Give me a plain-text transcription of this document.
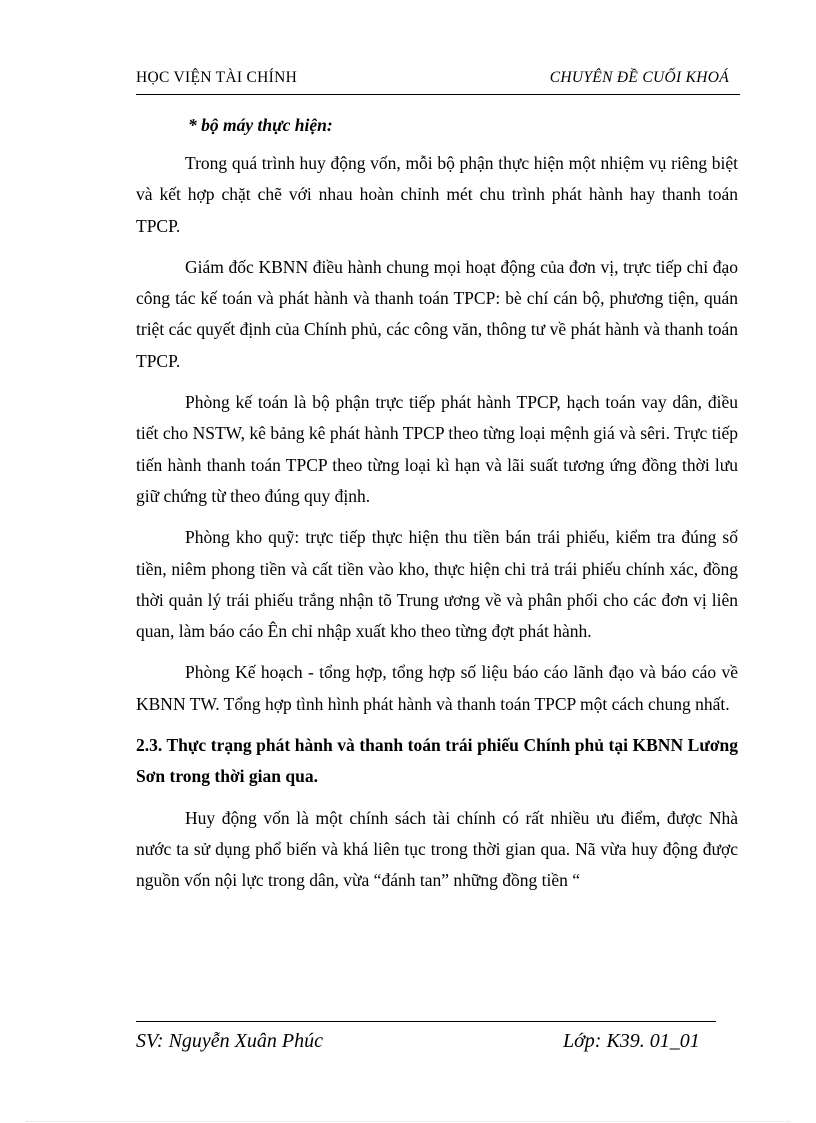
HỌC VIỆN TÀI CHÍNH	CHUYÊN ĐỀ CUỐI KHOÁ
* bộ máy thực hiện:

Trong quá trình huy động vốn, mỗi bộ phận thực hiện một nhiệm vụ riêng biệt và kết hợp chặt chẽ với nhau hoàn chỉnh mét chu trình phát hành hay thanh toán TPCP.

Giám đốc KBNN điều hành chung mọi hoạt động của đơn vị, trực tiếp chỉ đạo công tác kế toán và phát hành và thanh toán TPCP: bè chí cán bộ, phương tiện, quán triệt các quyết định của Chính phủ, các công văn, thông tư về phát hành và thanh toán TPCP.

Phòng kế toán là bộ phận trực tiếp phát hành TPCP, hạch toán vay dân, điều tiết cho NSTW, kê bảng kê phát hành TPCP theo từng loại mệnh giá và sêri. Trực tiếp tiến hành thanh toán TPCP theo từng loại kì hạn và lãi suất tương ứng đồng thời lưu giữ chứng từ theo đúng quy định.

Phòng kho quỹ: trực tiếp thực hiện thu tiền bán trái phiếu, kiểm tra đúng số tiền, niêm phong tiền và cất tiền vào kho, thực hiện chi trả trái phiếu chính xác, đồng thời quản lý trái phiếu trắng nhận tõ Trung ương về và phân phối cho các đơn vị liên quan, làm báo cáo Ên chỉ nhập xuất kho theo từng đợt phát hành.

Phòng Kế hoạch - tổng hợp, tổng hợp số liệu báo cáo lãnh đạo và báo cáo về KBNN TW. Tổng hợp tình hình phát hành và thanh toán TPCP một cách chung nhất.

2.3. Thực trạng phát hành và thanh toán trái phiếu Chính phủ tại KBNN Lương Sơn trong thời gian qua.

Huy động vốn là một chính sách tài chính có rất nhiều ưu điểm, được Nhà nước ta sử dụng phổ biến và khá liên tục trong thời gian qua. Nã vừa huy động được nguồn vốn nội lực trong dân, vừa “đánh tan” những đồng tiền “

SV: Nguyễn Xuân Phúc	Lớp: K39. 01_01
